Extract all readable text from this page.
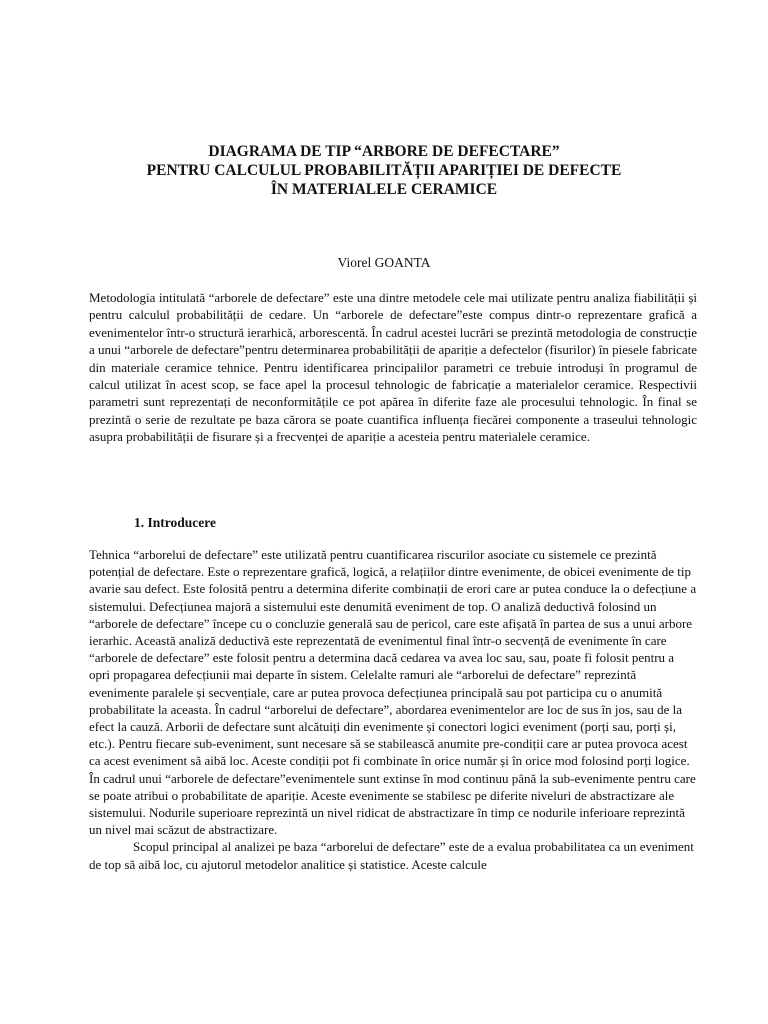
DIAGRAMA DE TIP “ARBORE DE DEFECTARE”
PENTRU CALCULUL PROBABILITĂȚII APARIȚIEI DE DEFECTE
ÎN MATERIALELE CERAMICE
Viorel GOANTA

Metodologia intitulată “arborele de defectare” este una dintre metodele cele mai utilizate pentru analiza fiabilității și pentru calculul probabilității de cedare. Un “arborele de defectare”este compus dintr-o reprezentare grafică a evenimentelor într-o structură ierarhică, arborescentă. În cadrul acestei lucrări se prezintă metodologia de construcție a unui “arborele de defectare”pentru determinarea probabilității de apariție a defectelor (fisurilor) în piesele fabricate din materiale ceramice tehnice. Pentru identificarea principalilor parametri ce trebuie introduși în programul de calcul utilizat în acest scop, se face apel la procesul tehnologic de fabricație a materialelor ceramice. Respectivii parametri sunt reprezentați de neconformitățile ce pot apărea în diferite faze ale procesului tehnologic. În final se prezintă o serie de rezultate pe baza cărora se poate cuantifica influența fiecărei componente a traseului tehnologic asupra probabilității de fisurare și a frecvenței de apariție a acesteia pentru materialele ceramice.

1. Introducere
Tehnica “arborelui de defectare” este utilizată pentru cuantificarea riscurilor asociate cu sistemele ce prezintă potențial de defectare. Este o reprezentare grafică, logică, a relațiilor dintre evenimente, de obicei evenimente de tip avarie sau defect. Este folosită pentru a determina diferite combinații de erori care ar putea conduce la o defecțiune a sistemului. Defecțiunea majoră a sistemului este denumită eveniment de top. O analiză deductivă folosind un “arborele de defectare” începe cu o concluzie generală sau de pericol, care este afișată în partea de sus a unui arbore ierarhic. Această analiză deductivă este reprezentată de evenimentul final într-o secvență de evenimente în care “arborele de defectare” este folosit pentru a determina dacă cedarea va avea loc sau, sau, poate fi folosit pentru a opri propagarea defecțiunii mai departe în sistem. Celelalte ramuri ale “arborelui de defectare” reprezintă evenimente paralele și secvențiale, care ar putea provoca defecțiunea principală sau pot participa cu o anumită probabilitate la aceasta. În cadrul “arborelui de defectare”, abordarea evenimentelor are loc de sus în jos, sau de la efect la cauză. Arborii de defectare sunt alcătuiți din evenimente și conectori logici eveniment (porți sau, porți și, etc.). Pentru fiecare sub-eveniment, sunt necesare să se stabilească anumite pre-condiții care ar putea provoca acest ca acest eveniment să aibă loc. Aceste condiții pot fi combinate în orice număr și în orice mod folosind porți logice. În cadrul unui “arborele de defectare”evenimentele sunt extinse în mod continuu până la sub-evenimente pentru care se poate atribui o probabilitate de apariție. Aceste evenimente se stabilesc pe diferite niveluri de abstractizare ale sistemului. Nodurile superioare reprezintă un nivel ridicat de abstractizare în timp ce nodurile inferioare reprezintă un nivel mai scăzut de abstractizare.
Scopul principal al analizei pe baza “arborelui de defectare” este de a evalua probabilitatea ca un eveniment de top să aibă loc, cu ajutorul metodelor analitice și statistice. Aceste calcule
